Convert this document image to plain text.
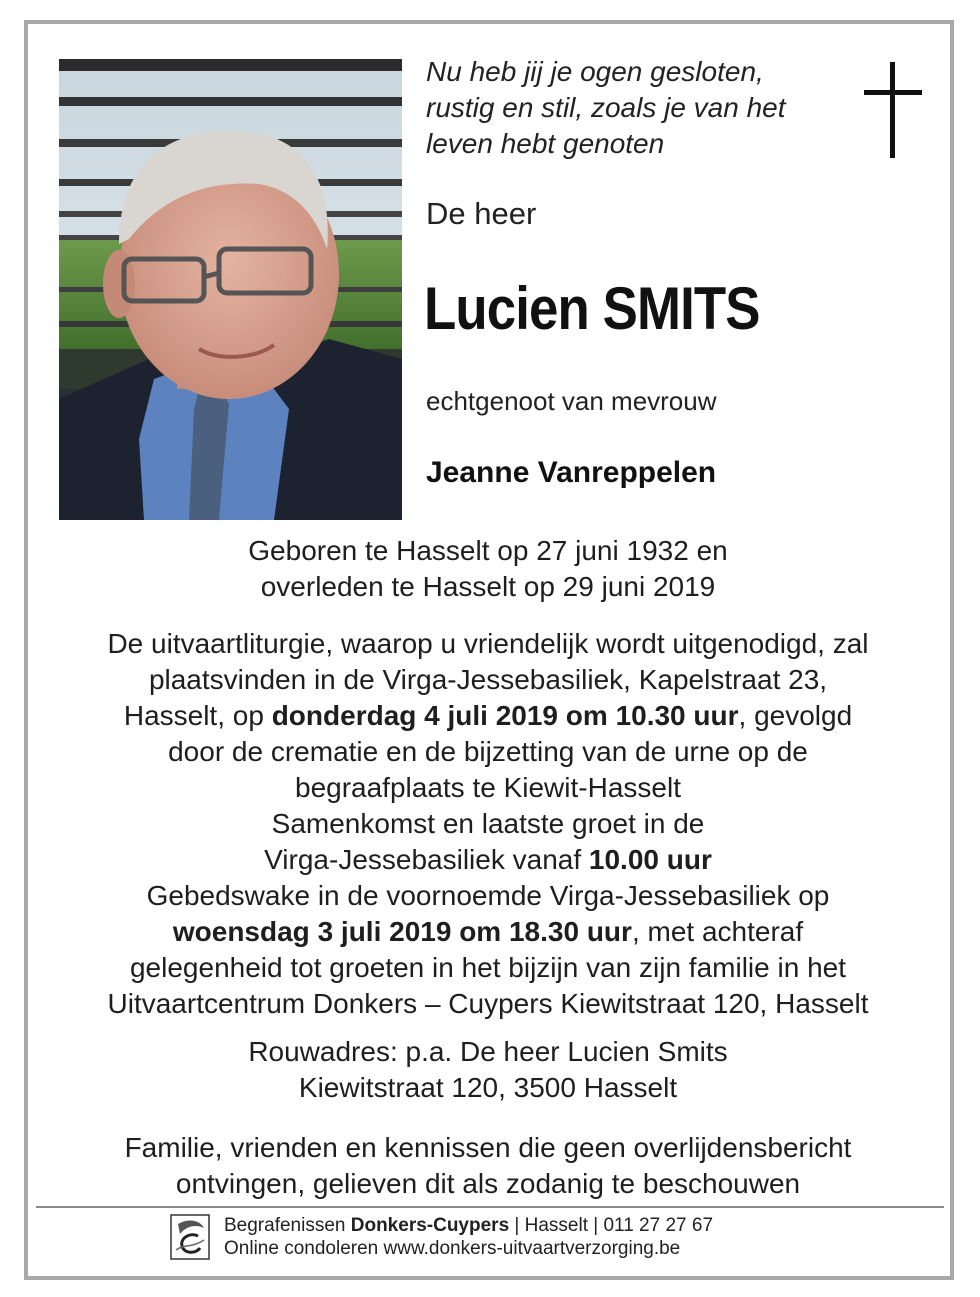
Nu heb jij je ogen gesloten,
rustig en stil, zoals je van het
leven hebt genoten
De heer
Lucien SMITS
echtgenoot van mevrouw
Jeanne Vanreppelen

Geboren te Hasselt op 27 juni 1932 en

overleden te Hasselt op 29 juni 2019

De uitvaartliturgie, waarop u vriendelijk wordt uitgenodigd, zal

plaatsvinden in de Virga-Jessebasiliek, Kapelstraat 23,

Hasselt, op donderdag 4 juli 2019 om 10.30 uur, gevolgd

door de crematie en de bijzetting van de urne op de

begraafplaats te Kiewit-Hasselt

Samenkomst en laatste groet in de

Virga-Jessebasiliek vanaf 10.00 uur

Gebedswake in de voornoemde Virga-Jessebasiliek op

woensdag 3 juli 2019 om 18.30 uur, met achteraf

gelegenheid tot groeten in het bijzijn van zijn familie in het

Uitvaartcentrum Donkers – Cuypers Kiewitstraat 120, Hasselt

Rouwadres: p.a. De heer Lucien Smits

Kiewitstraat 120, 3500 Hasselt

Familie, vrienden en kennissen die geen overlijdensbericht

ontvingen, gelieven dit als zodanig te beschouwen

Begrafenissen Donkers-Cuypers | Hasselt | 011 27 27 67

Online condoleren www.donkers-uitvaartverzorging.be
